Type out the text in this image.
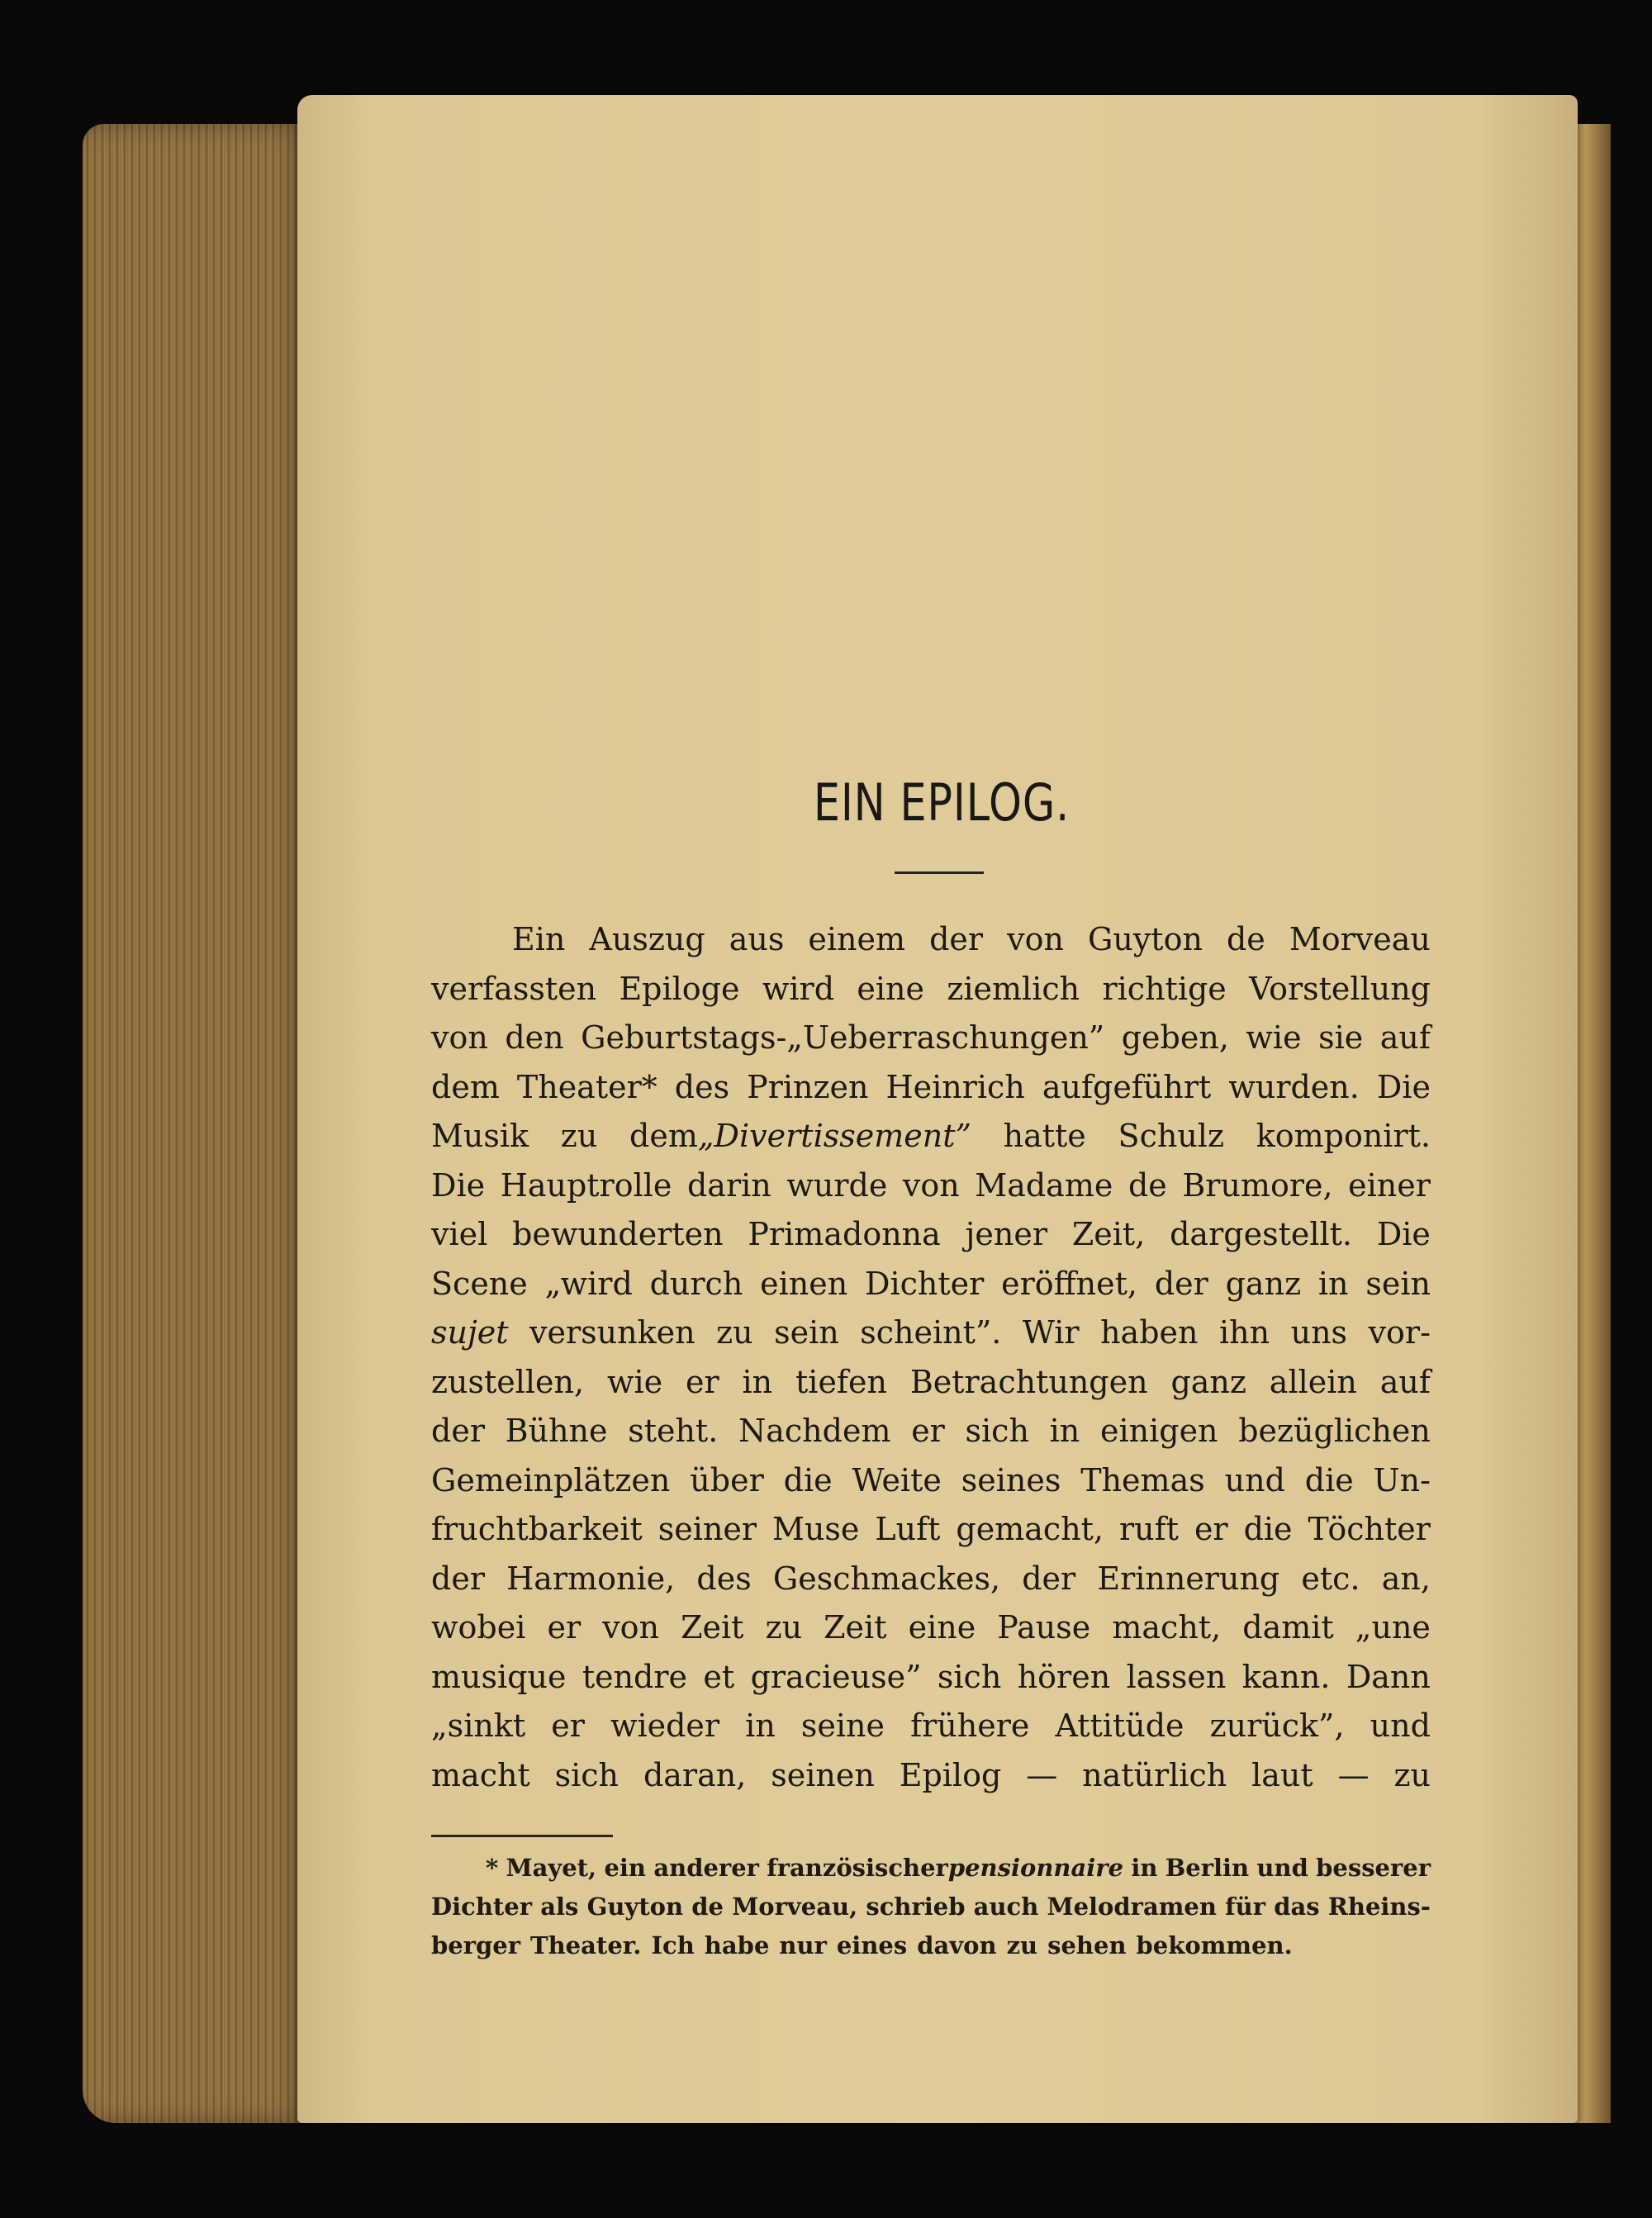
EIN EPILOG.
Ein Auszug aus einem der von Guyton de Morveau
verfassten Epiloge wird eine ziemlich richtige Vorstellung
von den Geburtstags-„Ueberraschungen” geben, wie sie auf
dem Theater* des Prinzen Heinrich aufgeführt wurden. Die
Musik zu dem„Divertissement” hatte Schulz komponirt.
Die Hauptrolle darin wurde von Madame de Brumore, einer
viel bewunderten Primadonna jener Zeit, dargestellt. Die
Scene „wird durch einen Dichter eröffnet, der ganz in sein
sujet versunken zu sein scheint”. Wir haben ihn uns vor-
zustellen, wie er in tiefen Betrachtungen ganz allein auf
der Bühne steht. Nachdem er sich in einigen bezüglichen
Gemeinplätzen über die Weite seines Themas und die Un-
fruchtbarkeit seiner Muse Luft gemacht, ruft er die Töchter
der Harmonie, des Geschmackes, der Erinnerung etc. an,
wobei er von Zeit zu Zeit eine Pause macht, damit „une
musique tendre et gracieuse” sich hören lassen kann. Dann
„sinkt er wieder in seine frühere Attitüde zurück”, und
macht sich daran, seinen Epilog — natürlich laut — zu
* Mayet, ein anderer französischerpensionnaire in Berlin und besserer
Dichter als Guyton de Morveau, schrieb auch Melodramen für das Rheins-
berger Theater. Ich habe nur eines davon zu sehen bekommen.
